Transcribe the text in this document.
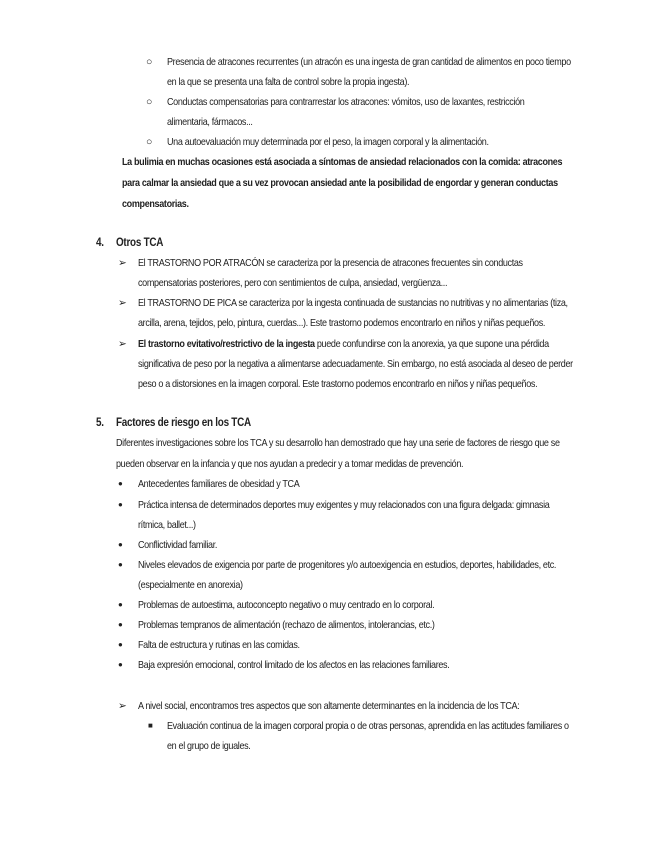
○ Presencia de atracones recurrentes (un atracón es una ingesta de gran cantidad de alimentos en poco tiempo
en la que se presenta una falta de control sobre la propia ingesta).
○ Conductas compensatorias para contrarrestar los atracones: vómitos, uso de laxantes, restricción
alimentaria, fármacos...
○ Una autoevaluación muy determinada por el peso, la imagen corporal y la alimentación.
La bulimia en muchas ocasiones está asociada a síntomas de ansiedad relacionados con la comida: atracones
para calmar la ansiedad que a su vez provocan ansiedad ante la posibilidad de engordar y generan conductas
compensatorias.
4. Otros TCA
➢ El TRASTORNO POR ATRACÓN se caracteriza por la presencia de atracones frecuentes sin conductas
compensatorias posteriores, pero con sentimientos de culpa, ansiedad, vergüenza...
➢ El TRASTORNO DE PICA se caracteriza por la ingesta continuada de sustancias no nutritivas y no alimentarias (tiza,
arcilla, arena, tejidos, pelo, pintura, cuerdas...). Este trastorno podemos encontrarlo en niños y niñas pequeños.
➢ El trastorno evitativo/restrictivo de la ingesta puede confundirse con la anorexia, ya que supone una pérdida
significativa de peso por la negativa a alimentarse adecuadamente. Sin embargo, no está asociada al deseo de perder
peso o a distorsiones en la imagen corporal. Este trastorno podemos encontrarlo en niños y niñas pequeños.
5. Factores de riesgo en los TCA
Diferentes investigaciones sobre los TCA y su desarrollo han demostrado que hay una serie de factores de riesgo que se
pueden observar en la infancia y que nos ayudan a predecir y a tomar medidas de prevención.
● Antecedentes familiares de obesidad y TCA
● Práctica intensa de determinados deportes muy exigentes y muy relacionados con una figura delgada: gimnasia
rítmica, ballet...)
● Conflictividad familiar.
● Niveles elevados de exigencia por parte de progenitores y/o autoexigencia en estudios, deportes, habilidades, etc.
(especialmente en anorexia)
● Problemas de autoestima, autoconcepto negativo o muy centrado en lo corporal.
● Problemas tempranos de alimentación (rechazo de alimentos, intolerancias, etc.)
● Falta de estructura y rutinas en las comidas.
● Baja expresión emocional, control limitado de los afectos en las relaciones familiares.
➢ A nivel social, encontramos tres aspectos que son altamente determinantes en la incidencia de los TCA:
■ Evaluación continua de la imagen corporal propia o de otras personas, aprendida en las actitudes familiares o
en el grupo de iguales.
